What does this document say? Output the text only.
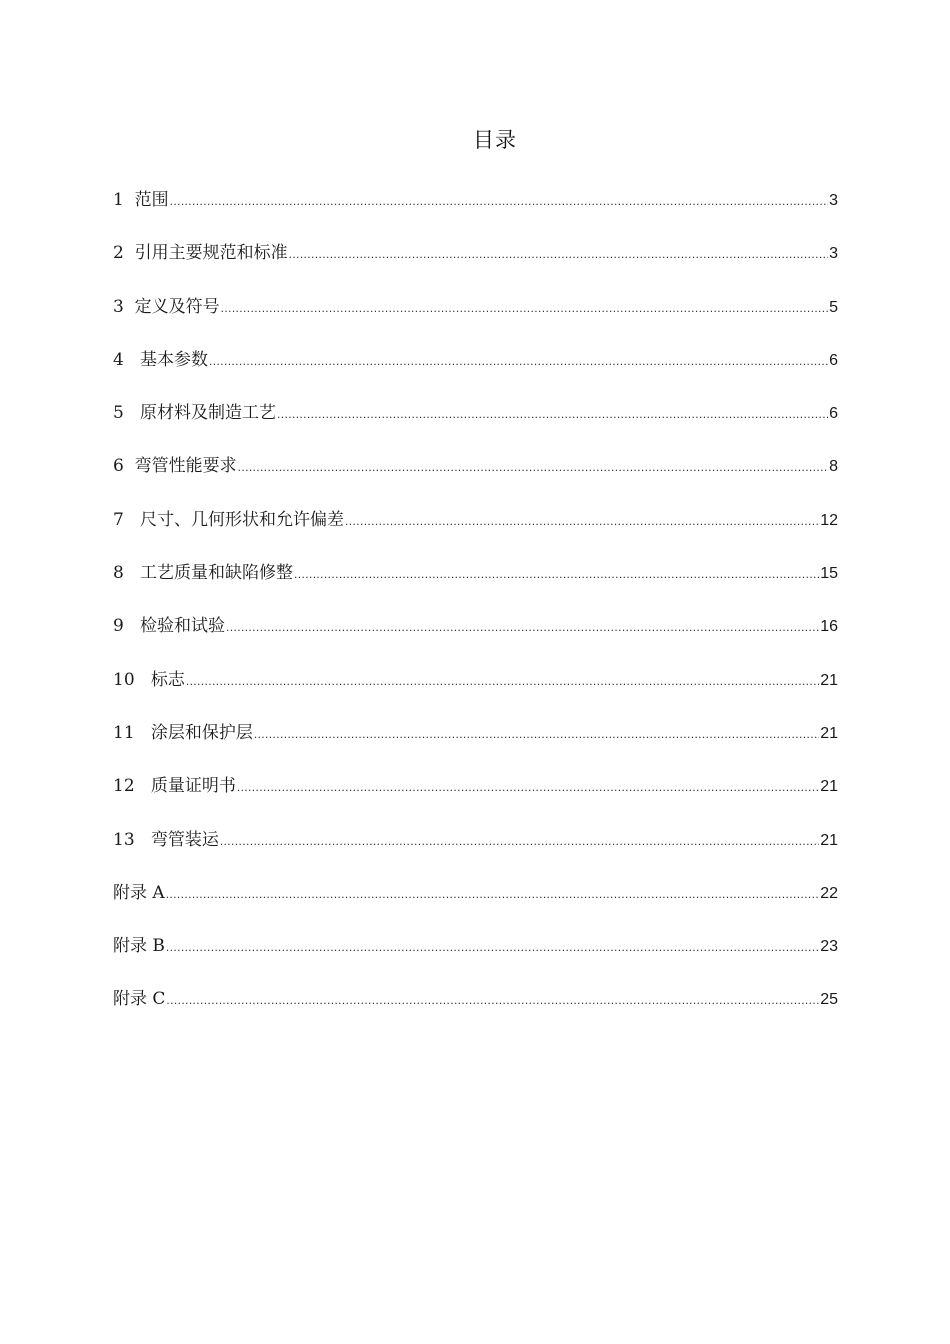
目录
1  范围 .....	3
2  引用主要规范和标准 .....	3
3  定义及符号 .....	5
4   基本参数 .....	6
5   原材料及制造工艺 .....	6
6  弯管性能要求 .....	8
7   尺寸、几何形状和允许偏差 .....	12
8   工艺质量和缺陷修整 .....	15
9   检验和试验 .....	16
10   标志 .....	21
11   涂层和保护层 .....	21
12   质量证明书 .....	21
13   弯管装运 .....	21
附录 A .....	22
附录 B .....	23
附录 C .....	25
